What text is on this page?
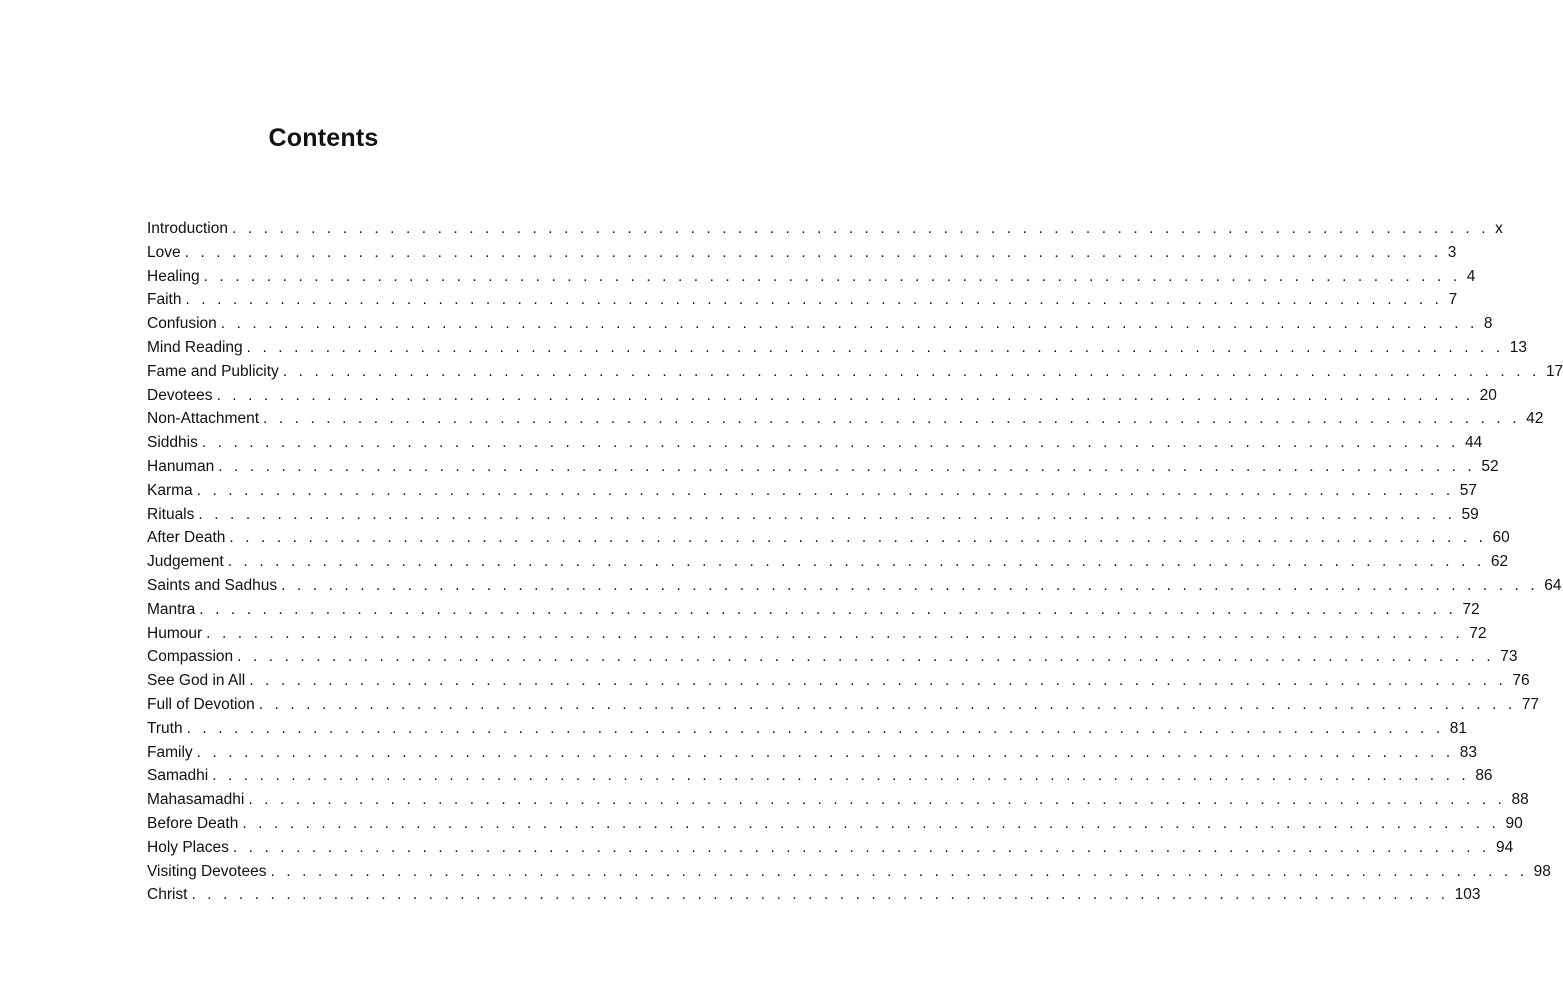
Contents
Introduction . . . . . . . . . . . . . . . . . . . . . . . . . . . . . . . . . . . . . . . . . . . . . . . . . . . . . . . . . . . . . . . . . . . . . . . . . . . . . . . . x
Love . . . . . . . . . . . . . . . . . . . . . . . . . . . . . . . . . . . . . . . . . . . . . . . . . . . . . . . . . . . . . . . . . . . . . . . . . . . . . . . . 3
Healing . . . . . . . . . . . . . . . . . . . . . . . . . . . . . . . . . . . . . . . . . . . . . . . . . . . . . . . . . . . . . . . . . . . . . . . . . . . . . . . . 4
Faith . . . . . . . . . . . . . . . . . . . . . . . . . . . . . . . . . . . . . . . . . . . . . . . . . . . . . . . . . . . . . . . . . . . . . . . . . . . . . . . . 7
Confusion . . . . . . . . . . . . . . . . . . . . . . . . . . . . . . . . . . . . . . . . . . . . . . . . . . . . . . . . . . . . . . . . . . . . . . . . . . . . . . . . 8
Mind Reading . . . . . . . . . . . . . . . . . . . . . . . . . . . . . . . . . . . . . . . . . . . . . . . . . . . . . . . . . . . . . . . . . . . . . . . . . . . . . . . . 13
Fame and Publicity . . . . . . . . . . . . . . . . . . . . . . . . . . . . . . . . . . . . . . . . . . . . . . . . . . . . . . . . . . . . . . . . . . . . . . . . . . . . . . . . 17
Devotees . . . . . . . . . . . . . . . . . . . . . . . . . . . . . . . . . . . . . . . . . . . . . . . . . . . . . . . . . . . . . . . . . . . . . . . . . . . . . . . . 20
Non-Attachment . . . . . . . . . . . . . . . . . . . . . . . . . . . . . . . . . . . . . . . . . . . . . . . . . . . . . . . . . . . . . . . . . . . . . . . . . . . . . . . . 42
Siddhis . . . . . . . . . . . . . . . . . . . . . . . . . . . . . . . . . . . . . . . . . . . . . . . . . . . . . . . . . . . . . . . . . . . . . . . . . . . . . . . . 44
Hanuman . . . . . . . . . . . . . . . . . . . . . . . . . . . . . . . . . . . . . . . . . . . . . . . . . . . . . . . . . . . . . . . . . . . . . . . . . . . . . . . . 52
Karma . . . . . . . . . . . . . . . . . . . . . . . . . . . . . . . . . . . . . . . . . . . . . . . . . . . . . . . . . . . . . . . . . . . . . . . . . . . . . . . . 57
Rituals . . . . . . . . . . . . . . . . . . . . . . . . . . . . . . . . . . . . . . . . . . . . . . . . . . . . . . . . . . . . . . . . . . . . . . . . . . . . . . . . 59
After Death . . . . . . . . . . . . . . . . . . . . . . . . . . . . . . . . . . . . . . . . . . . . . . . . . . . . . . . . . . . . . . . . . . . . . . . . . . . . . . . . 60
Judgement . . . . . . . . . . . . . . . . . . . . . . . . . . . . . . . . . . . . . . . . . . . . . . . . . . . . . . . . . . . . . . . . . . . . . . . . . . . . . . . . 62
Saints and Sadhus . . . . . . . . . . . . . . . . . . . . . . . . . . . . . . . . . . . . . . . . . . . . . . . . . . . . . . . . . . . . . . . . . . . . . . . . . . . . . . . . 64
Mantra . . . . . . . . . . . . . . . . . . . . . . . . . . . . . . . . . . . . . . . . . . . . . . . . . . . . . . . . . . . . . . . . . . . . . . . . . . . . . . . . 72
Humour . . . . . . . . . . . . . . . . . . . . . . . . . . . . . . . . . . . . . . . . . . . . . . . . . . . . . . . . . . . . . . . . . . . . . . . . . . . . . . . . 72
Compassion . . . . . . . . . . . . . . . . . . . . . . . . . . . . . . . . . . . . . . . . . . . . . . . . . . . . . . . . . . . . . . . . . . . . . . . . . . . . . . . . 73
See God in All . . . . . . . . . . . . . . . . . . . . . . . . . . . . . . . . . . . . . . . . . . . . . . . . . . . . . . . . . . . . . . . . . . . . . . . . . . . . . . . . 76
Full of Devotion . . . . . . . . . . . . . . . . . . . . . . . . . . . . . . . . . . . . . . . . . . . . . . . . . . . . . . . . . . . . . . . . . . . . . . . . . . . . . . . . 77
Truth . . . . . . . . . . . . . . . . . . . . . . . . . . . . . . . . . . . . . . . . . . . . . . . . . . . . . . . . . . . . . . . . . . . . . . . . . . . . . . . . 81
Family . . . . . . . . . . . . . . . . . . . . . . . . . . . . . . . . . . . . . . . . . . . . . . . . . . . . . . . . . . . . . . . . . . . . . . . . . . . . . . . . 83
Samadhi . . . . . . . . . . . . . . . . . . . . . . . . . . . . . . . . . . . . . . . . . . . . . . . . . . . . . . . . . . . . . . . . . . . . . . . . . . . . . . . . 86
Mahasamadhi . . . . . . . . . . . . . . . . . . . . . . . . . . . . . . . . . . . . . . . . . . . . . . . . . . . . . . . . . . . . . . . . . . . . . . . . . . . . . . . . 88
Before Death . . . . . . . . . . . . . . . . . . . . . . . . . . . . . . . . . . . . . . . . . . . . . . . . . . . . . . . . . . . . . . . . . . . . . . . . . . . . . . . . 90
Holy Places . . . . . . . . . . . . . . . . . . . . . . . . . . . . . . . . . . . . . . . . . . . . . . . . . . . . . . . . . . . . . . . . . . . . . . . . . . . . . . . . 94
Visiting Devotees . . . . . . . . . . . . . . . . . . . . . . . . . . . . . . . . . . . . . . . . . . . . . . . . . . . . . . . . . . . . . . . . . . . . . . . . . . . . . . . . 98
Christ . . . . . . . . . . . . . . . . . . . . . . . . . . . . . . . . . . . . . . . . . . . . . . . . . . . . . . . . . . . . . . . . . . . . . . . . . . . . . . . . 103
